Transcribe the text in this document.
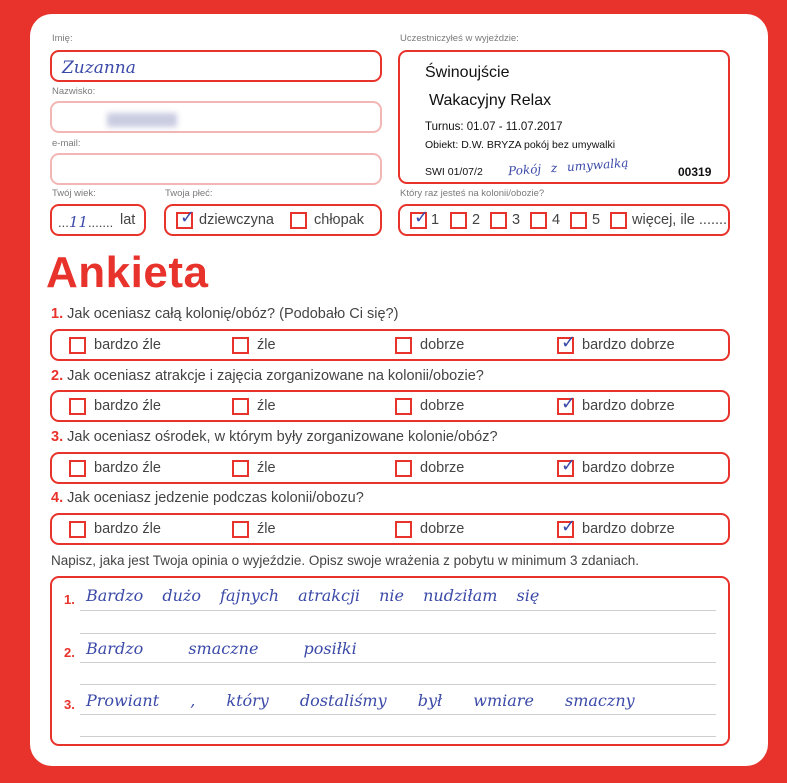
Imię:
Zuzanna
Nazwisko:
e-mail:
Twój wiek:
...11....... lat
Twoja płeć:
✓ dziewczyna	chłopak
Uczestniczyłeś w wyjeździe:
Świnoujście
Wakacyjny Relax
Turnus: 01.07 - 11.07.2017
Obiekt: D.W. BRYZA pokój bez umywalki
SWI 01/07/2 Pokój z umywalką	00319
Który raz jesteś na kolonii/obozie?
✓ 1 2 3 4 5 więcej, ile .......
Ankieta
1. Jak oceniasz całą kolonię/obóz? (Podobało Ci się?)
bardzo źle	źle	dobrze	✓ bardzo dobrze
2. Jak oceniasz atrakcje i zajęcia zorganizowane na kolonii/obozie?
bardzo źle	źle	dobrze	✓ bardzo dobrze
3. Jak oceniasz ośrodek, w którym były zorganizowane kolonie/obóz?
bardzo źle	źle	dobrze	✓ bardzo dobrze
4. Jak oceniasz jedzenie podczas kolonii/obozu?
bardzo źle	źle	dobrze	✓ bardzo dobrze
Napisz, jaka jest Twoja opinia o wyjeździe. Opisz swoje wrażenia z pobytu w minimum 3 zdaniach.
1. Bardzo dużo fajnych atrakcji nie nudziłam się
2. Bardzo smaczne posiłki
3. Prowiant , który dostaliśmy był wmiare smaczny
